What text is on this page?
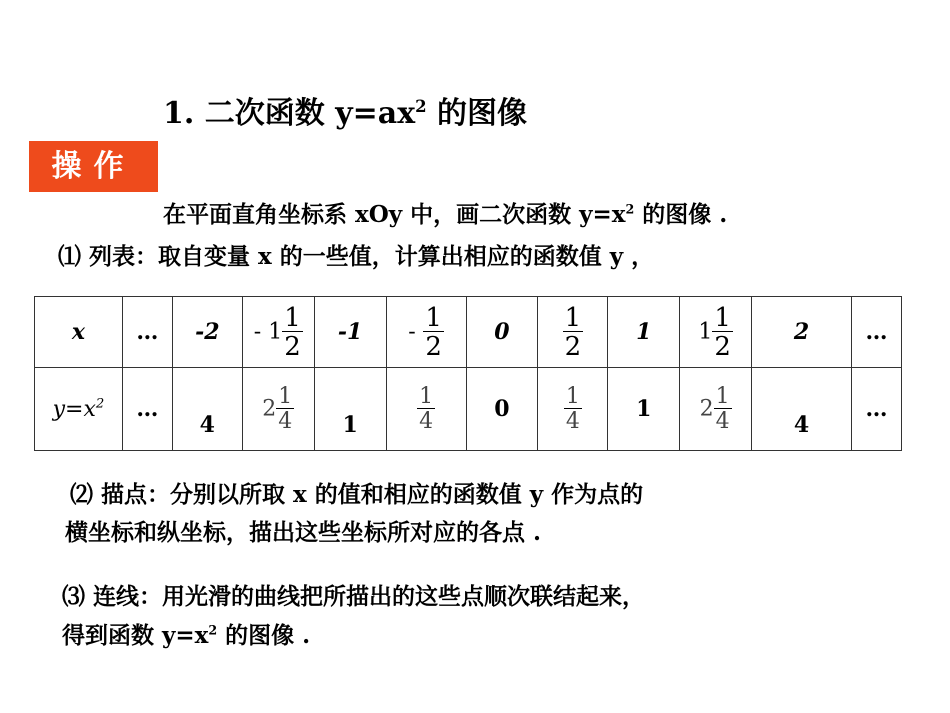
1. 二次函数 $y=ax^2$ 的图像
操作
在平面直角坐标系 xOy 中，画二次函数 $y=x^2$ 的图像 .
⑴ 列表：取自变量 x 的一些值，计算出相应的函数值 y ，
x	…	-2	- $1 \frac{1}{2}$	-1	- $\frac{1}{2}$	0	$\frac{1}{2}$	1	$1 \frac{1}{2}$	2	…
$y=x^2$	…	4	$2 \frac{1}{4}$	1	$\frac{1}{4}$	0	$\frac{1}{4}$	1	$2 \frac{1}{4}$	4	…
⑵ 描点：分别以所取 x 的值和相应的函数值 y 作为点的
横坐标和纵坐标，描出这些坐标所对应的各点 .
⑶ 连线：用光滑的曲线把所描出的这些点顺次联结起来，
得到函数 $y=x^2$ 的图像 .
